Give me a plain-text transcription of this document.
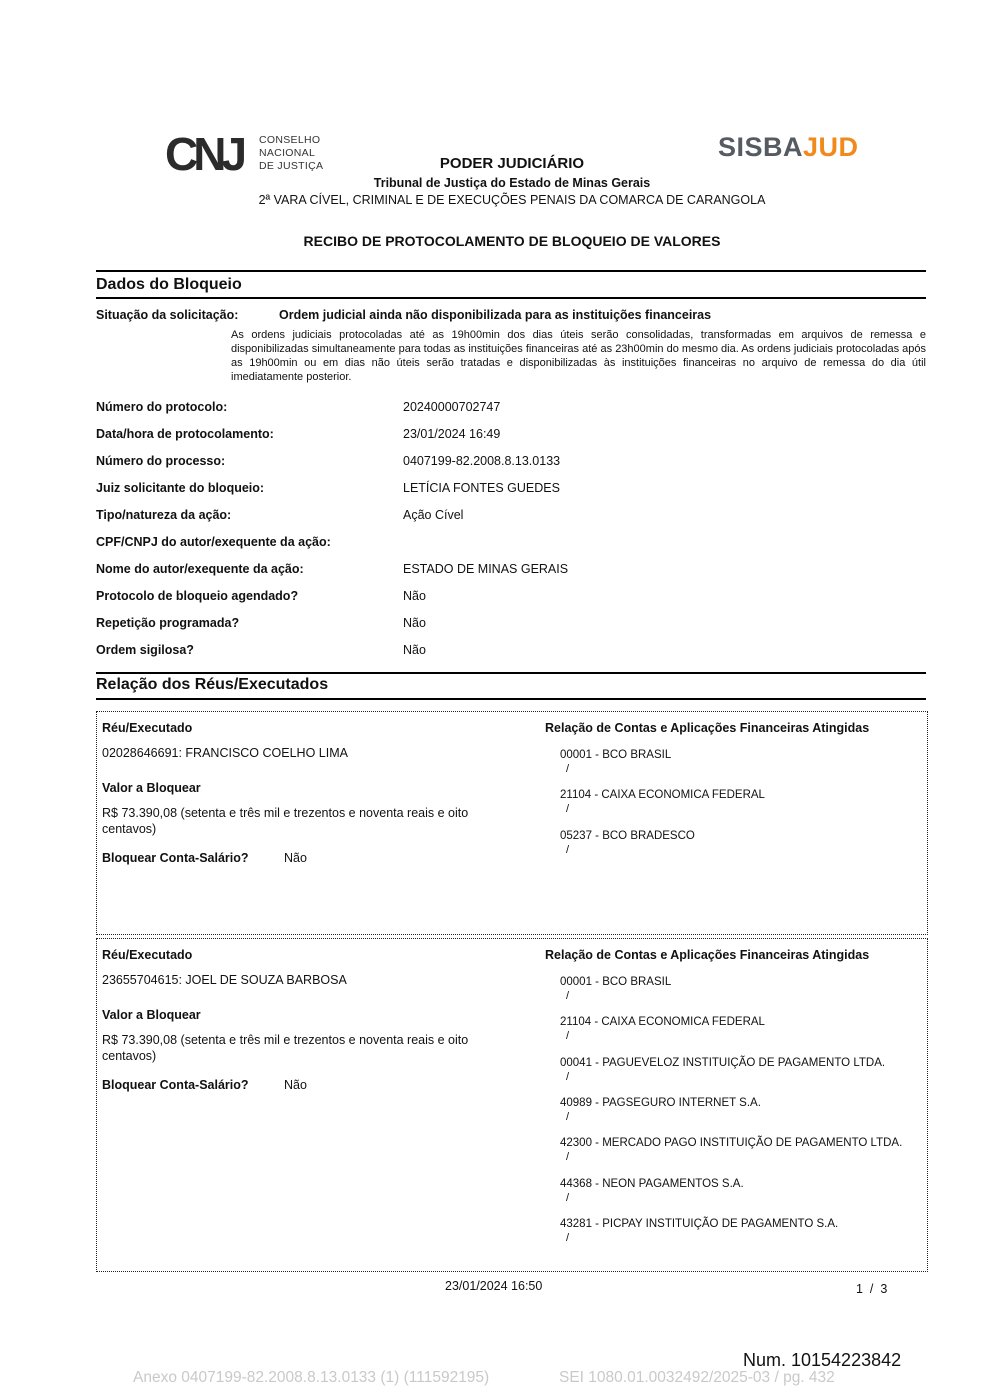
CNJ CONSELHO
NACIONAL
DE JUSTIÇA
SISBAJUD
PODER JUDICIÁRIO
Tribunal de Justiça do Estado de Minas Gerais
2ª VARA CÍVEL, CRIMINAL E DE EXECUÇÕES PENAIS DA COMARCA DE CARANGOLA
RECIBO DE PROTOCOLAMENTO DE BLOQUEIO DE VALORES
Dados do Bloqueio
Situação da solicitação:	Ordem judicial ainda não disponibilizada para as instituições financeiras
As ordens judiciais protocoladas até as 19h00min dos dias úteis serão consolidadas, transformadas em arquivos de remessa e disponibilizadas simultaneamente para todas as instituições financeiras até as 23h00min do mesmo dia. As ordens judiciais protocoladas após as 19h00min ou em dias não úteis serão tratadas e disponibilizadas às instituições financeiras no arquivo de remessa do dia útil imediatamente posterior.
Número do protocolo:	20240000702747
Data/hora de protocolamento:	23/01/2024 16:49
Número do processo:	0407199-82.2008.8.13.0133
Juiz solicitante do bloqueio:	LETÍCIA FONTES GUEDES
Tipo/natureza da ação:	Ação Cível
CPF/CNPJ do autor/exequente da ação:
Nome do autor/exequente da ação:	ESTADO DE MINAS GERAIS
Protocolo de bloqueio agendado?	Não
Repetição programada?	Não
Ordem sigilosa?	Não
Relação dos Réus/Executados
Réu/Executado
02028646691: FRANCISCO COELHO LIMA
Valor a Bloquear
R$ 73.390,08 (setenta e três mil e trezentos e noventa reais e oito centavos)
Bloquear Conta-Salário?	Não
Relação de Contas e Aplicações Financeiras Atingidas
00001 - BCO BRASIL
/
21104 - CAIXA ECONOMICA FEDERAL
/
05237 - BCO BRADESCO
/
Réu/Executado
23655704615: JOEL DE SOUZA BARBOSA
Valor a Bloquear
R$ 73.390,08 (setenta e três mil e trezentos e noventa reais e oito centavos)
Bloquear Conta-Salário?	Não
Relação de Contas e Aplicações Financeiras Atingidas
00001 - BCO BRASIL
/
21104 - CAIXA ECONOMICA FEDERAL
/
00041 - PAGUEVELOZ INSTITUIÇÃO DE PAGAMENTO LTDA.
/
40989 - PAGSEGURO INTERNET S.A.
/
42300 - MERCADO PAGO INSTITUIÇÃO DE PAGAMENTO LTDA.
/
44368 - NEON PAGAMENTOS S.A.
/
43281 - PICPAY INSTITUIÇÃO DE PAGAMENTO S.A.
/
23/01/2024 16:50	1  /  3
Num. 10154223842
Anexo 0407199-82.2008.8.13.0133 (1) (111592195)	SEI 1080.01.0032492/2025-03 / pg. 432
